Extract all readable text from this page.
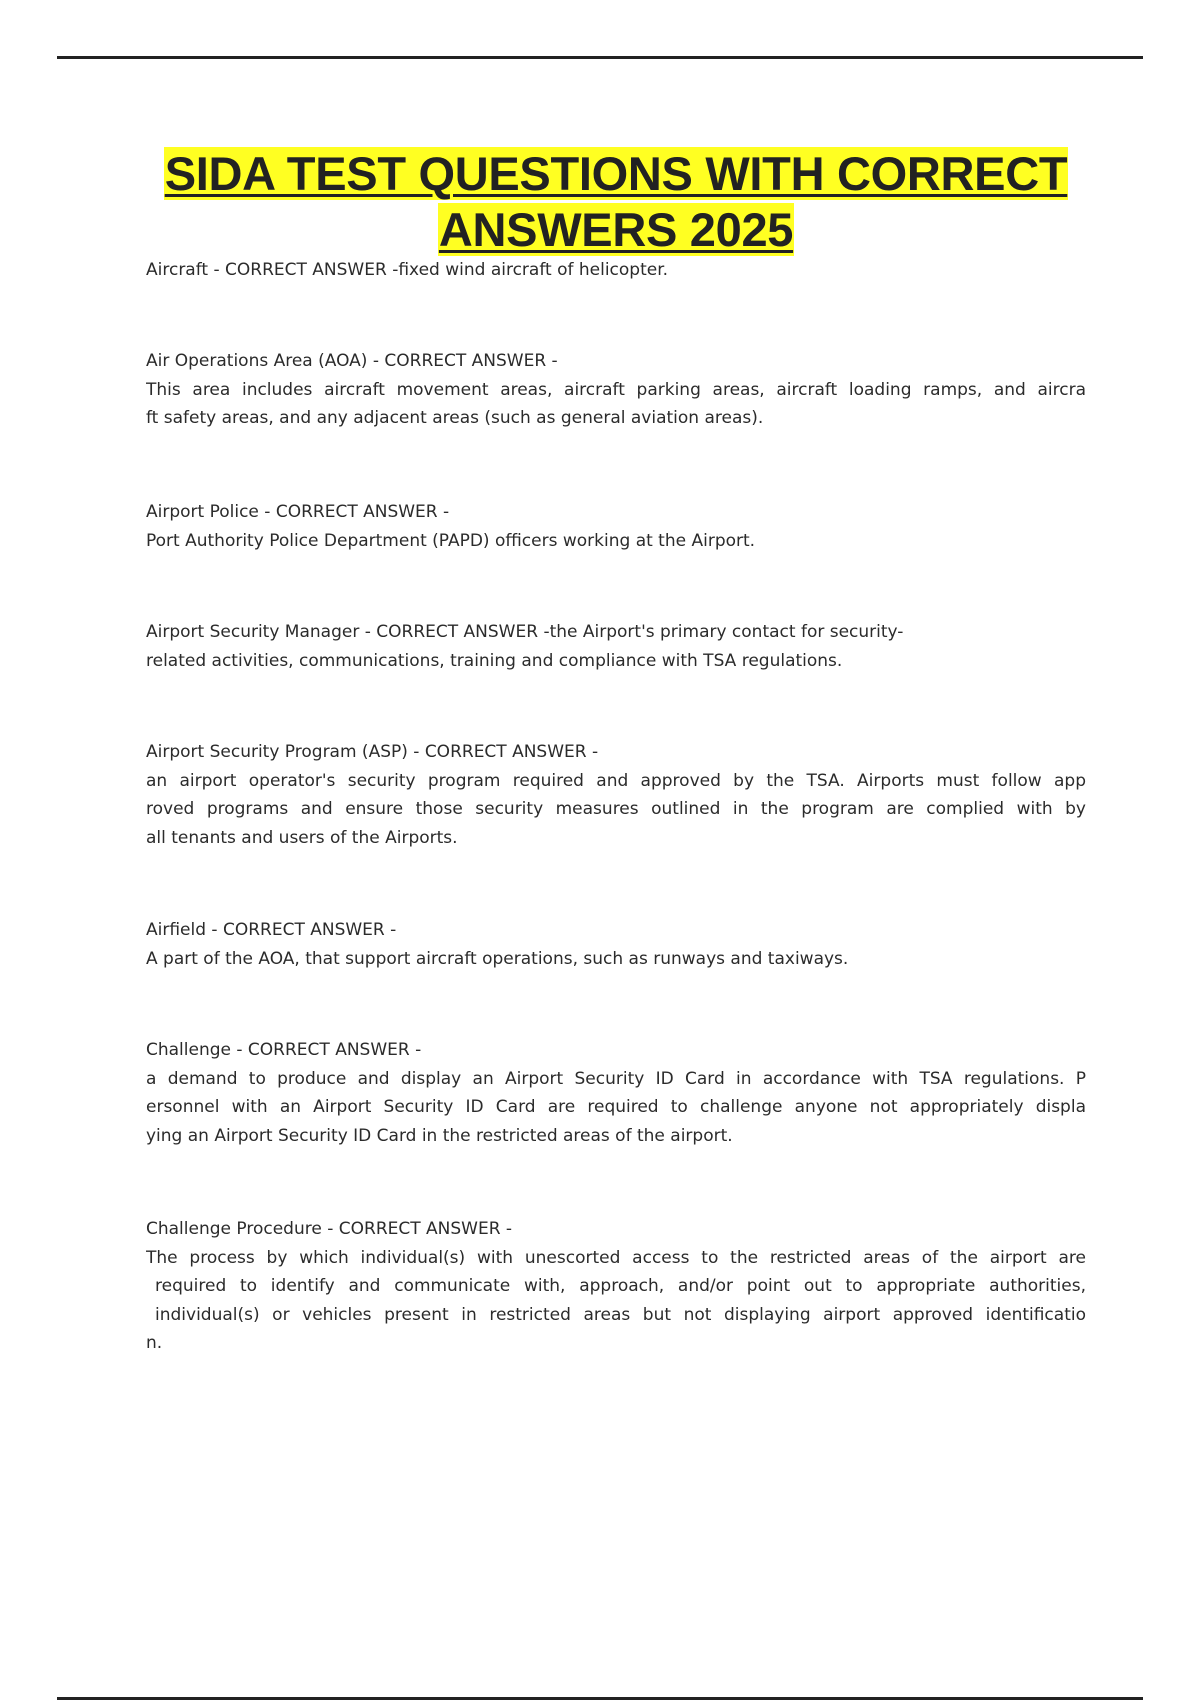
SIDA TEST QUESTIONS WITH CORRECT
ANSWERS 2025
Aircraft - CORRECT ANSWER -fixed wind aircraft of helicopter.
Air Operations Area (AOA) - CORRECT ANSWER -
This area includes aircraft movement areas, aircraft parking areas, aircraft loading ramps, and aircra
ft safety areas, and any adjacent areas (such as general aviation areas).
Airport Police - CORRECT ANSWER -
Port Authority Police Department (PAPD) officers working at the Airport.
Airport Security Manager - CORRECT ANSWER -the Airport's primary contact for security-
related activities, communications, training and compliance with TSA regulations.
Airport Security Program (ASP) - CORRECT ANSWER -
an airport operator's security program required and approved by the TSA. Airports must follow app
roved programs and ensure those security measures outlined in the program are complied with by
all tenants and users of the Airports.
Airfield - CORRECT ANSWER -
A part of the AOA, that support aircraft operations, such as runways and taxiways.
Challenge - CORRECT ANSWER -
a demand to produce and display an Airport Security ID Card in accordance with TSA regulations. P
ersonnel with an Airport Security ID Card are required to challenge anyone not appropriately displa
ying an Airport Security ID Card in the restricted areas of the airport.
Challenge Procedure - CORRECT ANSWER -
The process by which individual(s) with unescorted access to the restricted areas of the airport are
required to identify and communicate with, approach, and/or point out to appropriate authorities,
individual(s) or vehicles present in restricted areas but not displaying airport approved identificatio
n.
